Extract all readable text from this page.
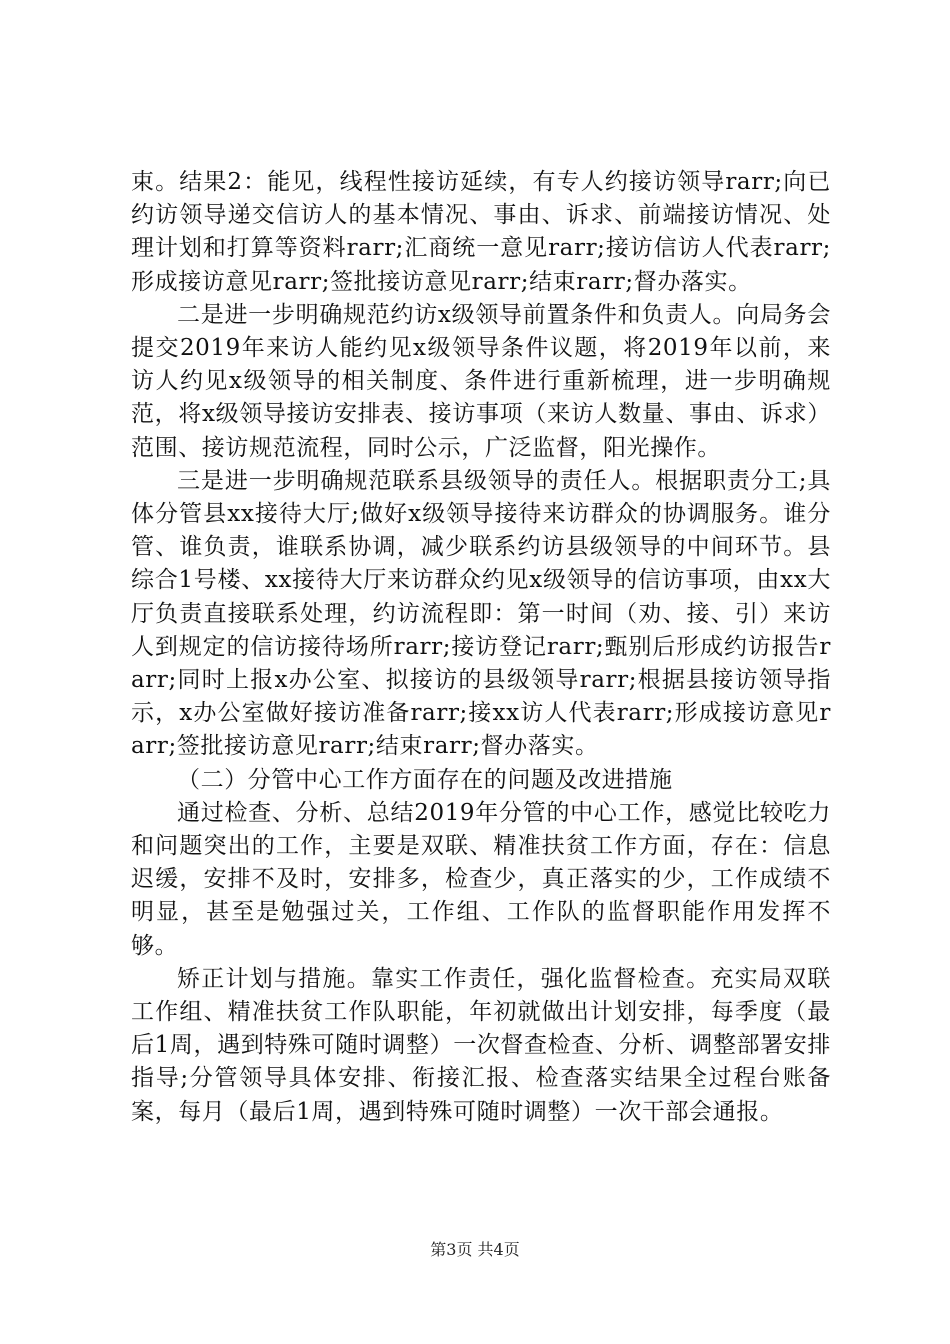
束。结果2：能见，线程性接访延续，有专人约接访领导rarr;向已约访领导递交信访人的基本情况、事由、诉求、前端接访情况、处理计划和打算等资料rarr;汇商统一意见rarr;接访信访人代表rarr;形成接访意见rarr;签批接访意见rarr;结束rarr;督办落实。

二是进一步明确规范约访x级领导前置条件和负责人。向局务会提交2019年来访人能约见x级领导条件议题，将2019年以前，来访人约见x级领导的相关制度、条件进行重新梳理，进一步明确规范，将x级领导接访安排表、接访事项（来访人数量、事由、诉求）范围、接访规范流程，同时公示，广泛监督，阳光操作。

三是进一步明确规范联系县级领导的责任人。根据职责分工;具体分管县xx接待大厅;做好x级领导接待来访群众的协调服务。谁分管、谁负责，谁联系协调，减少联系约访县级领导的中间环节。县综合1号楼、xx接待大厅来访群众约见x级领导的信访事项，由xx大厅负责直接联系处理，约访流程即：第一时间（劝、接、引）来访人到规定的信访接待场所rarr;接访登记rarr;甄别后形成约访报告rarr;同时上报x办公室、拟接访的县级领导rarr;根据县接访领导指示，x办公室做好接访准备rarr;接xx访人代表rarr;形成接访意见rarr;签批接访意见rarr;结束rarr;督办落实。

（二）分管中心工作方面存在的问题及改进措施

通过检查、分析、总结2019年分管的中心工作，感觉比较吃力和问题突出的工作，主要是双联、精准扶贫工作方面，存在：信息迟缓，安排不及时，安排多，检查少，真正落实的少，工作成绩不明显，甚至是勉强过关，工作组、工作队的监督职能作用发挥不够。

矫正计划与措施。靠实工作责任，强化监督检查。充实局双联工作组、精准扶贫工作队职能，年初就做出计划安排，每季度（最后1周，遇到特殊可随时调整）一次督查检查、分析、调整部署安排指导;分管领导具体安排、衔接汇报、检查落实结果全过程台账备案，每月（最后1周，遇到特殊可随时调整）一次干部会通报。

第3页 共4页
